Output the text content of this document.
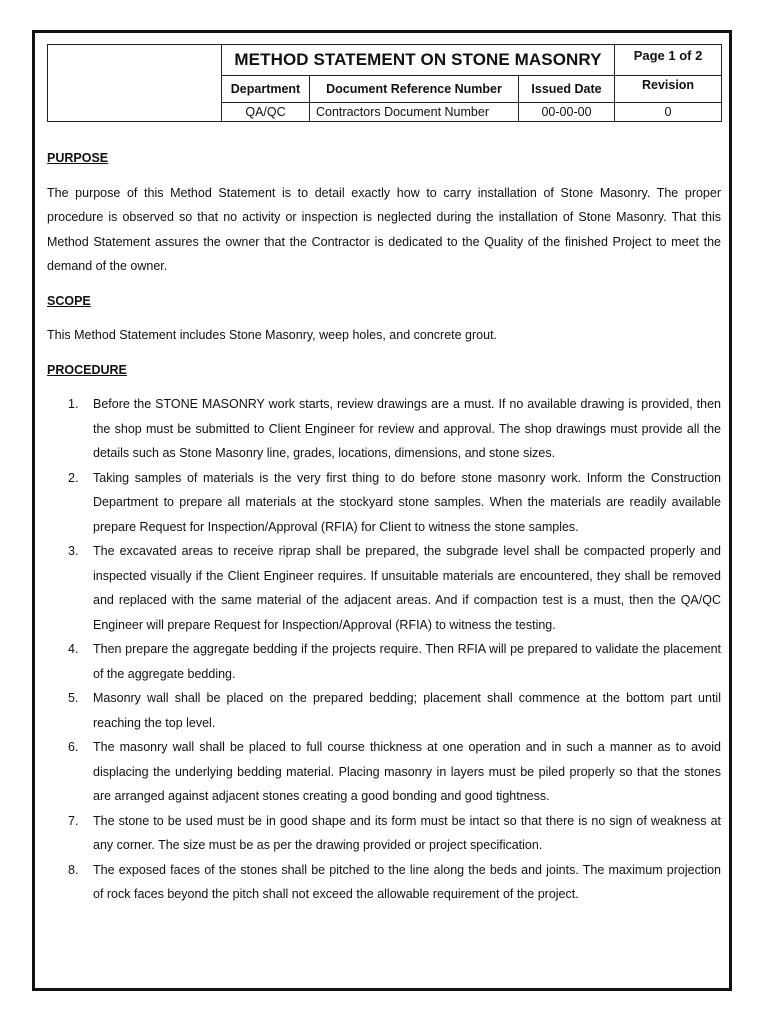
	METHOD STATEMENT ON STONE MASONRY			Page 1 of 2
	Department	Document Reference Number	Issued Date	Revision
	QA/QC	Contractors Document Number	00-00-00	0

PURPOSE

The purpose of this Method Statement is to detail exactly how to carry installation of Stone Masonry. The proper procedure is observed so that no activity or inspection is neglected during the installation of Stone Masonry. That this Method Statement assures the owner that the Contractor is dedicated to the Quality of the finished Project to meet the demand of the owner.

SCOPE

This Method Statement includes Stone Masonry, weep holes, and concrete grout.

PROCEDURE

1. Before the STONE MASONRY work starts, review drawings are a must. If no available drawing is provided, then the shop must be submitted to Client Engineer for review and approval. The shop drawings must provide all the details such as Stone Masonry line, grades, locations, dimensions, and stone sizes.
2. Taking samples of materials is the very first thing to do before stone masonry work. Inform the Construction Department to prepare all materials at the stockyard stone samples. When the materials are readily available prepare Request for Inspection/Approval (RFIA) for Client to witness the stone samples.
3. The excavated areas to receive riprap shall be prepared, the subgrade level shall be compacted properly and inspected visually if the Client Engineer requires. If unsuitable materials are encountered, they shall be removed and replaced with the same material of the adjacent areas. And if compaction test is a must, then the QA/QC Engineer will prepare Request for Inspection/Approval (RFIA) to witness the testing.
4. Then prepare the aggregate bedding if the projects require. Then RFIA will pe prepared to validate the placement of the aggregate bedding.
5. Masonry wall shall be placed on the prepared bedding; placement shall commence at the bottom part until reaching the top level.
6. The masonry wall shall be placed to full course thickness at one operation and in such a manner as to avoid displacing the underlying bedding material. Placing masonry in layers must be piled properly so that the stones are arranged against adjacent stones creating a good bonding and good tightness.
7. The stone to be used must be in good shape and its form must be intact so that there is no sign of weakness at any corner. The size must be as per the drawing provided or project specification.
8. The exposed faces of the stones shall be pitched to the line along the beds and joints. The maximum projection of rock faces beyond the pitch shall not exceed the allowable requirement of the project.
